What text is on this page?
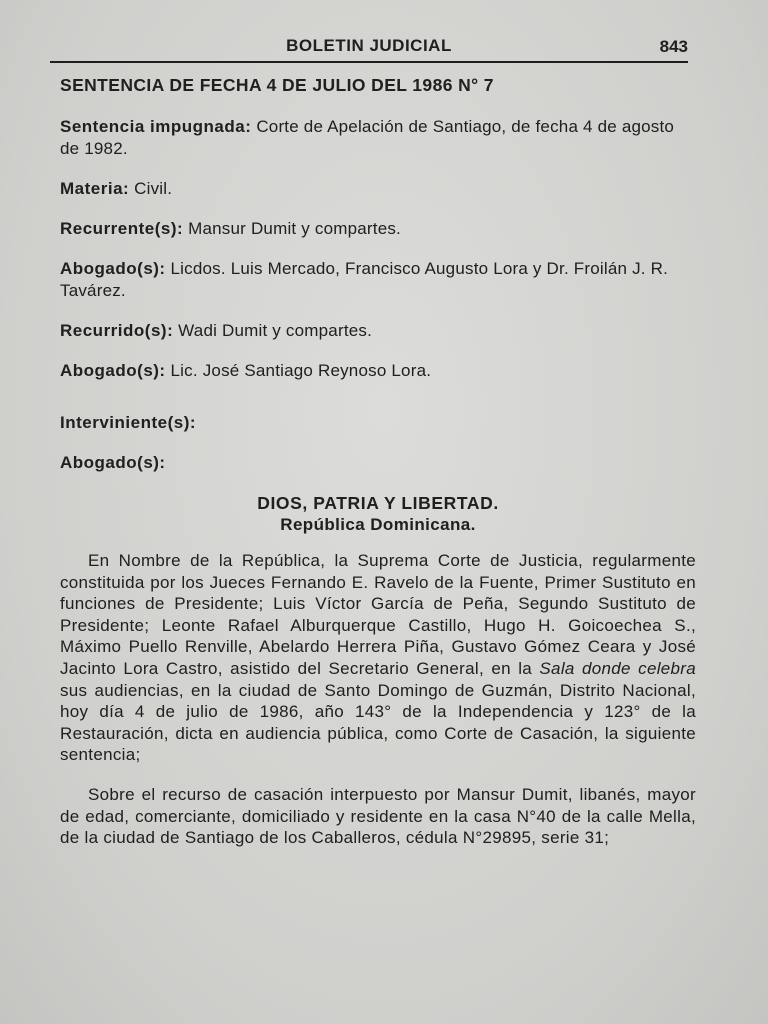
BOLETIN JUDICIAL	843
SENTENCIA DE FECHA 4 DE JULIO DEL 1986 N° 7
Sentencia impugnada: Corte de Apelación de Santiago, de fecha 4 de agosto de 1982.
Materia: Civil.
Recurrente(s): Mansur Dumit y compartes.
Abogado(s): Licdos. Luis Mercado, Francisco Augusto Lora y Dr. Froilán J. R. Tavárez.
Recurrido(s): Wadi Dumit y compartes.
Abogado(s): Lic. José Santiago Reynoso Lora.
Interviniente(s):
Abogado(s):
DIOS, PATRIA Y LIBERTAD.
República Dominicana.

En Nombre de la República, la Suprema Corte de Justicia, regularmente constituida por los Jueces Fernando E. Ravelo de la Fuente, Primer Sustituto en funciones de Presidente; Luis Víctor García de Peña, Segundo Sustituto de Presidente; Leonte Rafael Alburquerque Castillo, Hugo H. Goicoechea S., Máximo Puello Renville, Abelardo Herrera Piña, Gustavo Gómez Ceara y José Jacinto Lora Castro, asistido del Secretario General, en la Sala donde celebra sus audiencias, en la ciudad de Santo Domingo de Guzmán, Distrito Nacional, hoy día 4 de julio de 1986, año 143° de la Independencia y 123° de la Restauración, dicta en audiencia pública, como Corte de Casación, la siguiente sentencia;

Sobre el recurso de casación interpuesto por Mansur Dumit, libanés, mayor de edad, comerciante, domiciliado y residente en la casa N°40 de la calle Mella, de la ciudad de Santiago de los Caballeros, cédula N°29895, serie 31;
